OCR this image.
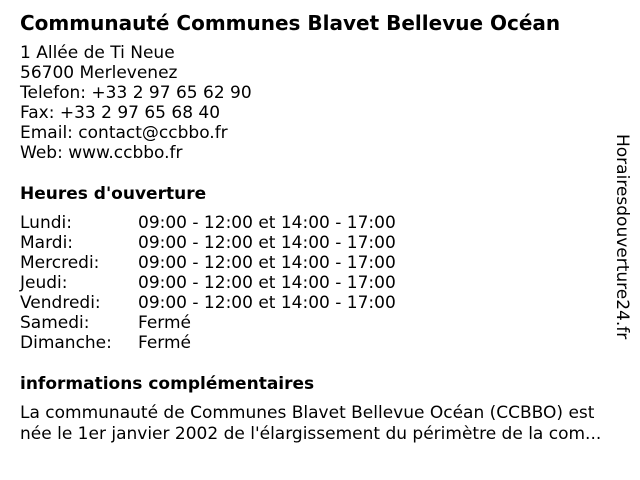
Communauté Communes Blavet Bellevue Océan
1 Allée de Ti Neue
56700 Merlevenez
Telefon: +33 2 97 65 62 90
Fax: +33 2 97 65 68 40
Email: contact@ccbbo.fr
Web: www.ccbbo.fr
Heures d'ouverture
Lundi:	09:00 - 12:00 et 14:00 - 17:00
Mardi:	09:00 - 12:00 et 14:00 - 17:00
Mercredi:	09:00 - 12:00 et 14:00 - 17:00
Jeudi:	09:00 - 12:00 et 14:00 - 17:00
Vendredi:	09:00 - 12:00 et 14:00 - 17:00
Samedi:	Fermé
Dimanche:	Fermé
informations complémentaires
La communauté de Communes Blavet Bellevue Océan (CCBBO) est
née le 1er janvier 2002 de l'élargissement du périmètre de la com...
Horairesdouverture24.fr
